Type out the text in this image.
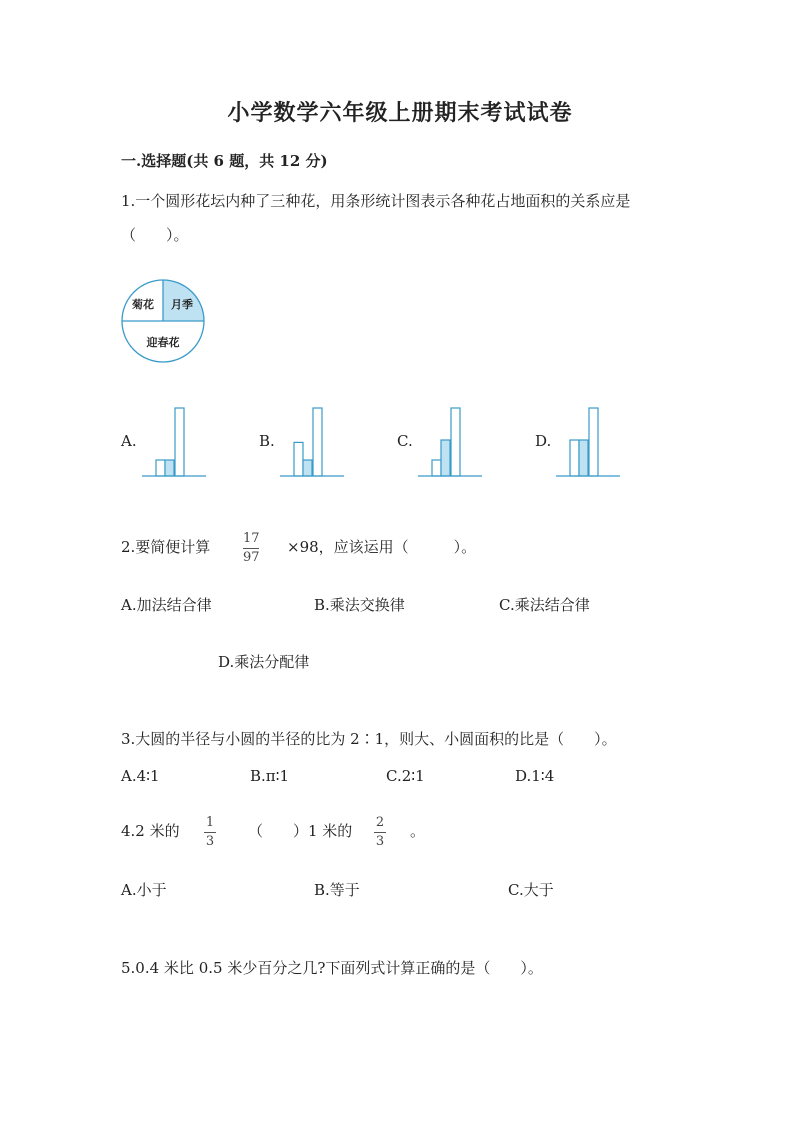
小学数学六年级上册期末考试试卷
一.选择题(共 6 题，共 12 分)
1.一个圆形花坛内种了三种花，用条形统计图表示各种花占地面积的关系应是
（　　）。
菊花 月季
迎春花
A.	B.	C.	D.
2.要简便计算	17
97
×98，应该运用（　　　）。
A.加法结合律	B.乘法交换律	C.乘法结合律
D.乘法分配律
3.大圆的半径与小圆的半径的比为 2∶1，则大、小圆面积的比是（　　）。
A.4∶1	B.π∶1	C.2∶1	D.1∶4
4.2 米的 1
3
（　　）1 米的 2
3
。
A.小于	B.等于	C.大于
5.0.4 米比 0.5 米少百分之几?下面列式计算正确的是（　　）。
